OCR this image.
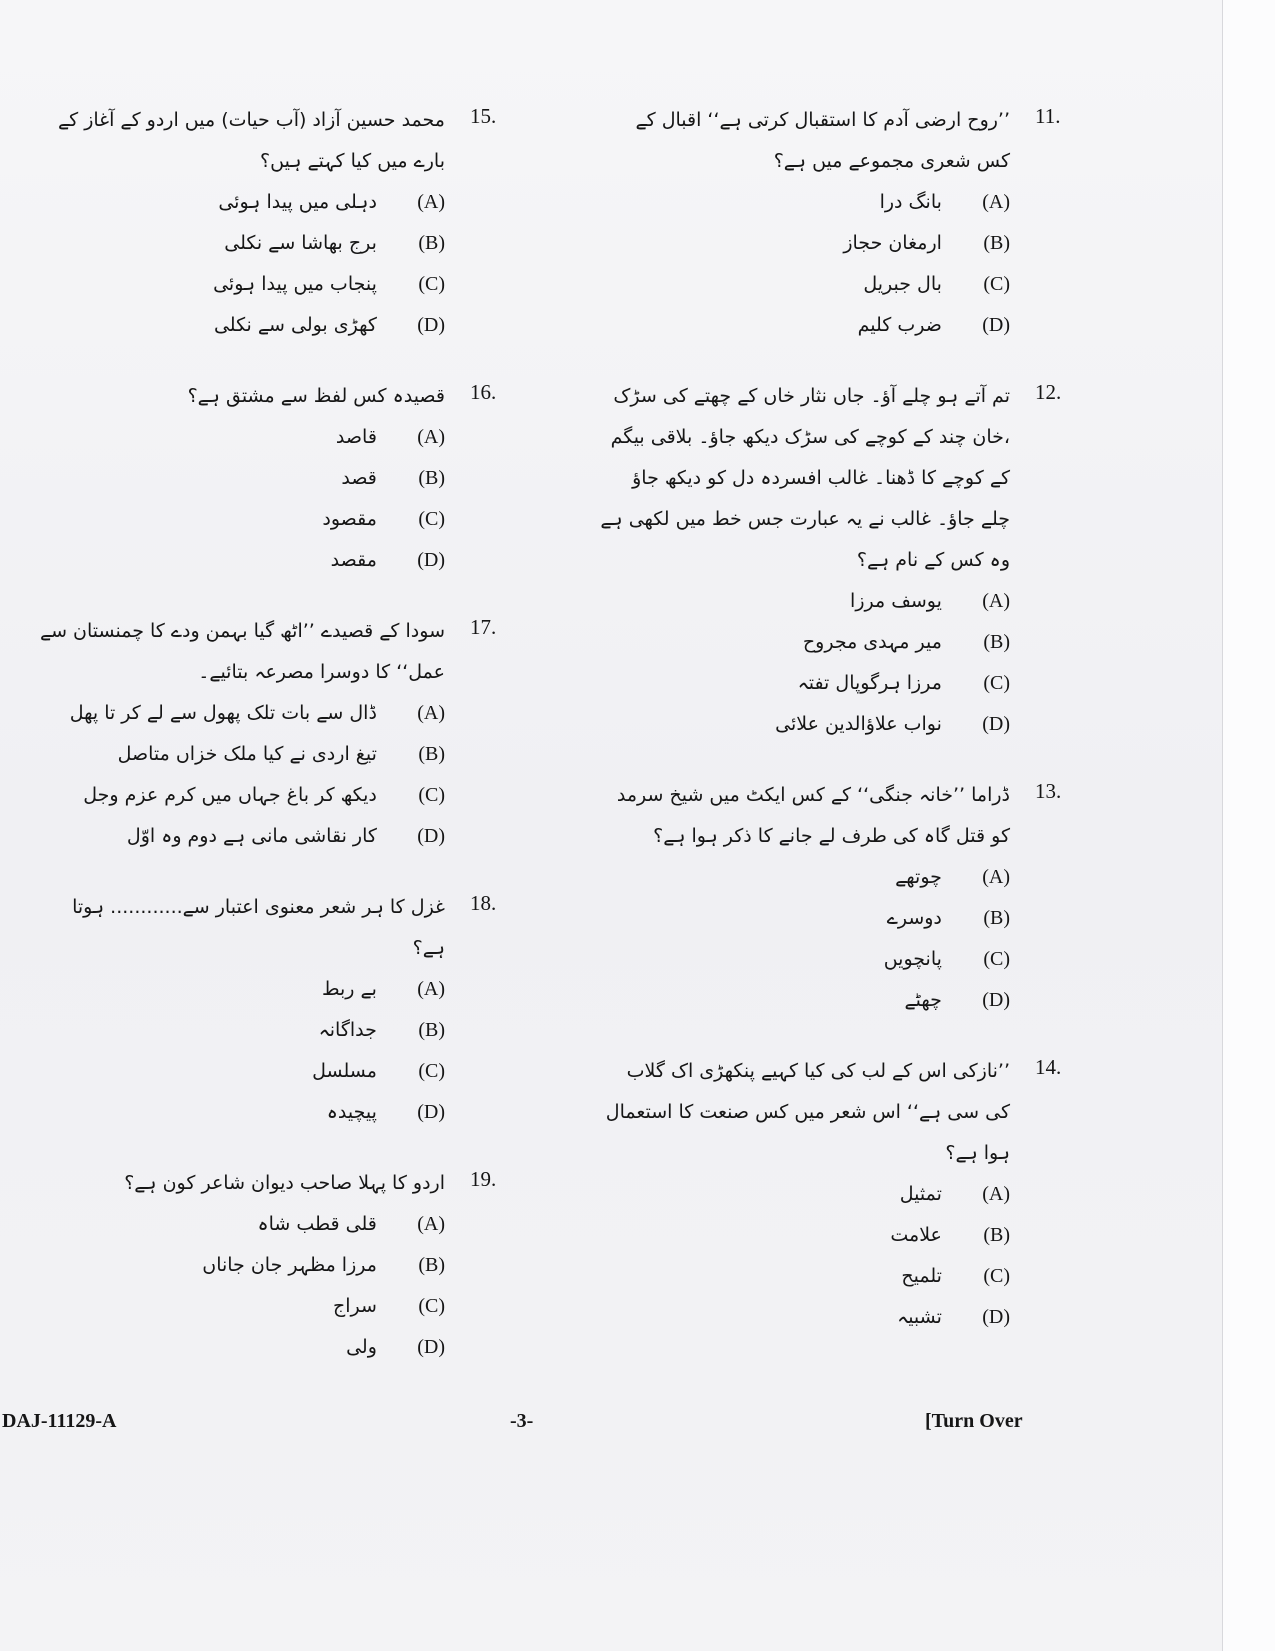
11.
’’روح ارضی آدم کا استقبال کرتی ہے‘‘ اقبال کے کس شعری مجموعے میں ہے؟
(A)  بانگ درا
(B)  ارمغان حجاز
(C)  بال جبریل
(D)  ضرب کلیم
12.
تم آتے ہو چلے آؤ۔ جاں نثار خاں کے چھتے کی سڑک ،خان چند کے کوچے کی سڑک دیکھ جاؤ۔ بلاقی بیگم کے کوچے کا ڈھنا۔ غالب افسردہ دل کو دیکھ جاؤ چلے جاؤ۔ غالب نے یہ عبارت جس خط میں لکھی ہے وہ کس کے نام ہے؟
(A)  یوسف مرزا
(B)  میر مہدی مجروح
(C)  مرزا ہرگوپال تفتہ
(D)  نواب علاؤالدین علائی
13.
ڈراما ’’خانہ جنگی‘‘ کے کس ایکٹ میں شیخ سرمد کو قتل گاہ کی طرف لے جانے کا ذکر ہوا ہے؟
(A)  چوتھے
(B)  دوسرے
(C)  پانچویں
(D)  چھٹے
14.
’’نازکی اس کے لب کی کیا کہیے پنکھڑی اک گلاب کی سی ہے‘‘ اس شعر میں کس صنعت کا استعمال ہوا ہے؟
(A)  تمثیل
(B)  علامت
(C)  تلمیح
(D)  تشبیہ
15.
محمد حسین آزاد (آب حیات) میں اردو کے آغاز کے بارے میں کیا کہتے ہیں؟
(A)  دہلی میں پیدا ہوئی
(B)  برج بھاشا سے نکلی
(C)  پنجاب میں پیدا ہوئی
(D)  کھڑی بولی سے نکلی
16.
قصیدہ کس لفظ سے مشتق ہے؟
(A)  قاصد
(B)  قصد
(C)  مقصود
(D)  مقصد
17.
سودا کے قصیدے ’’اٹھ گیا بہمن ودے کا چمنستان سے عمل‘‘ کا دوسرا مصرعہ بتائیے۔
(A)  ڈال سے بات تلک پھول سے لے کر تا پھل
(B)  تیغ اردی نے کیا ملک خزاں متاصل
(C)  دیکھ کر باغ جہاں میں کرم عزم وجل
(D)  کار نقاشی مانی ہے دوم وہ اوّل
18.
غزل کا ہر شعر معنوی اعتبار سے............ ہوتا ہے؟
(A)  بے ربط
(B)  جداگانہ
(C)  مسلسل
(D)  پیچیدہ
19.
اردو کا پہلا صاحب دیوان شاعر کون ہے؟
(A)  قلی قطب شاہ
(B)  مرزا مظہر جان جاناں
(C)  سراج
(D)  ولی
DAJ-11129-A	-3-	[Turn Over
